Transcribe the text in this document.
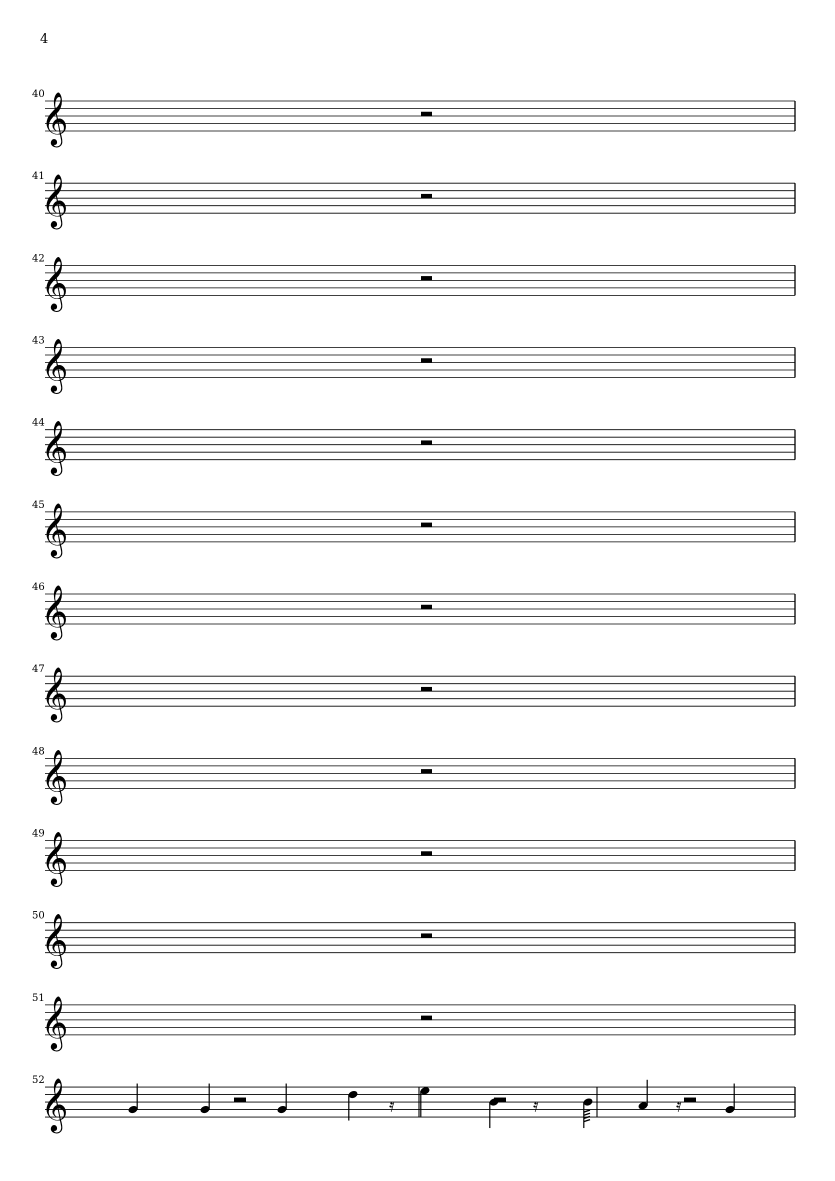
4
40
𝄞
41
𝄞
42
𝄞
43
𝄞
44
𝄞
45
𝄞
46
𝄞
47
𝄞
48
𝄞
49
𝄞
50
𝄞
51
𝄞
52
𝄞	𝄿	𝄿	𝄿
